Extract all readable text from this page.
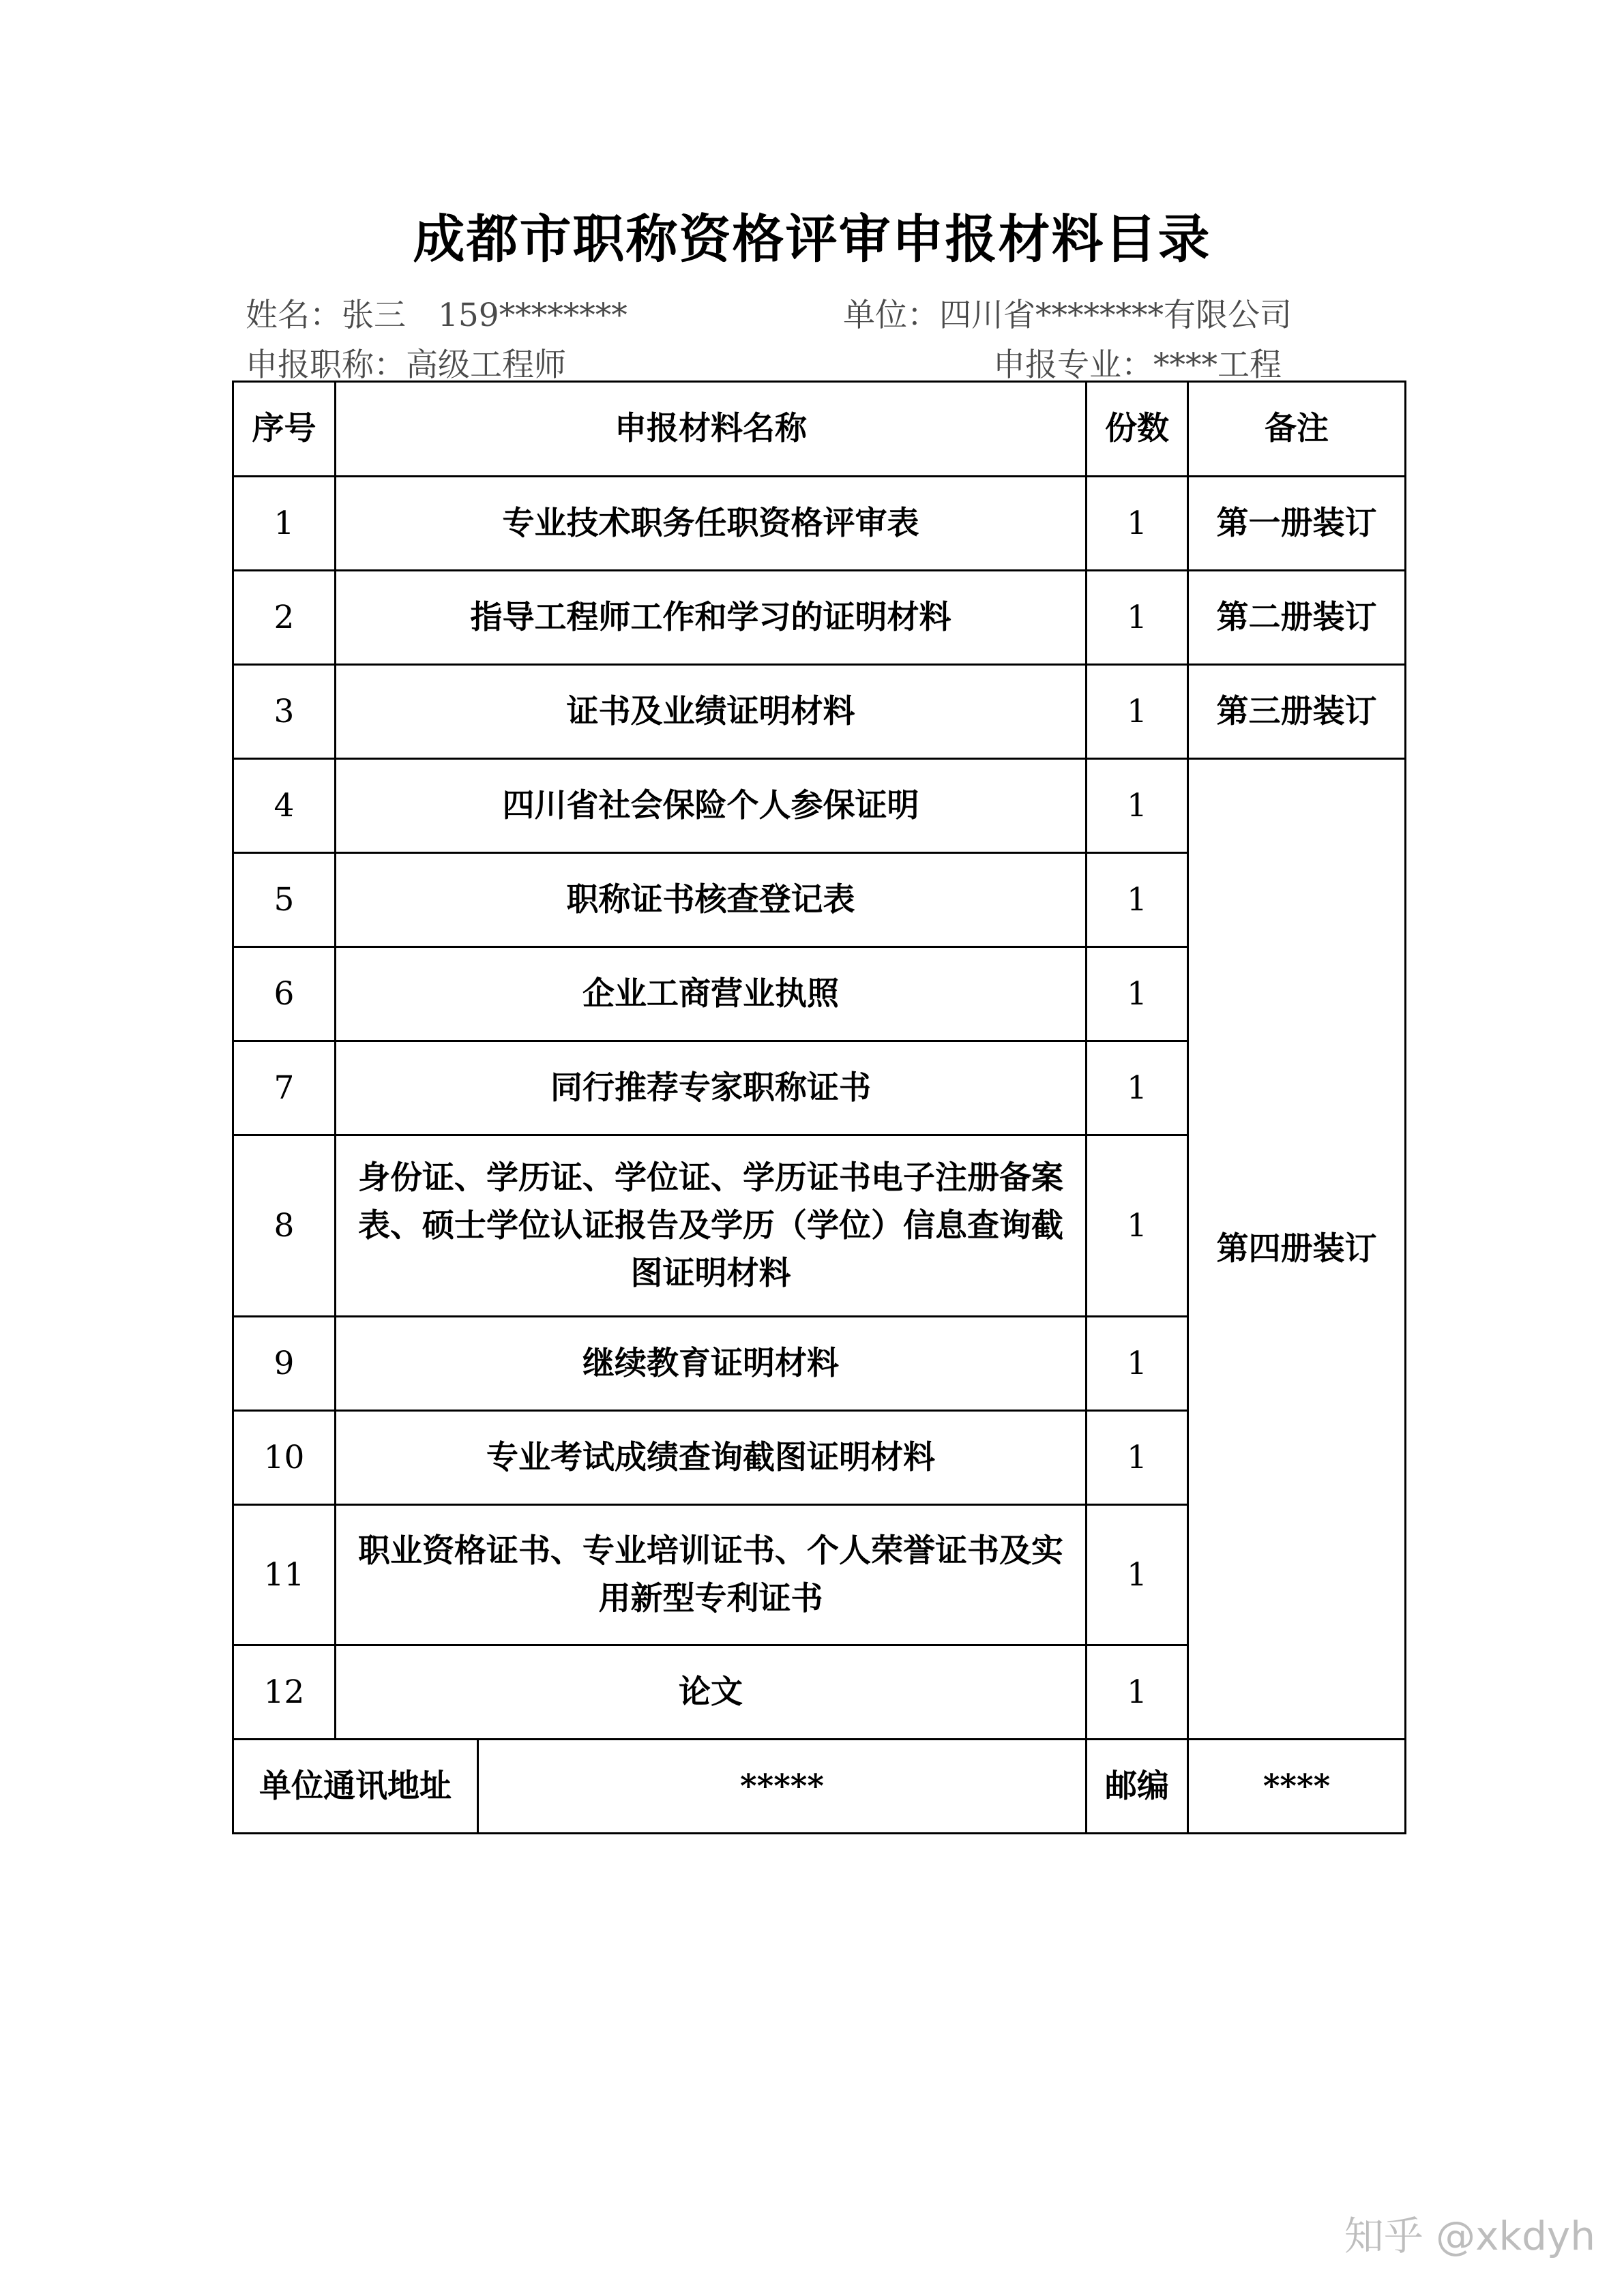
成都市职称资格评审申报材料目录
姓名：张三　159********	单位：四川省********有限公司
申报职称：高级工程师	申报专业：****工程
序号	申报材料名称		份数	备注
1	专业技术职务任职资格评审表		1	第一册装订
2	指导工程师工作和学习的证明材料		1	第二册装订
3	证书及业绩证明材料		1	第三册装订
4	四川省社会保险个人参保证明		1	第四册装订
5	职称证书核查登记表		1	
6	企业工商营业执照		1	
7	同行推荐专家职称证书		1	
8	身份证、学历证、学位证、学历证书电子注册备案表、硕士学位认证报告及学历（学位）信息查询截图证明材料		1	
9	继续教育证明材料		1	
10	专业考试成绩查询截图证明材料		1	
11	职业资格证书、专业培训证书、个人荣誉证书及实用新型专利证书		1	
12	论文		1	
单位通讯地址		*****	邮编	****
知乎 @xkdyh
